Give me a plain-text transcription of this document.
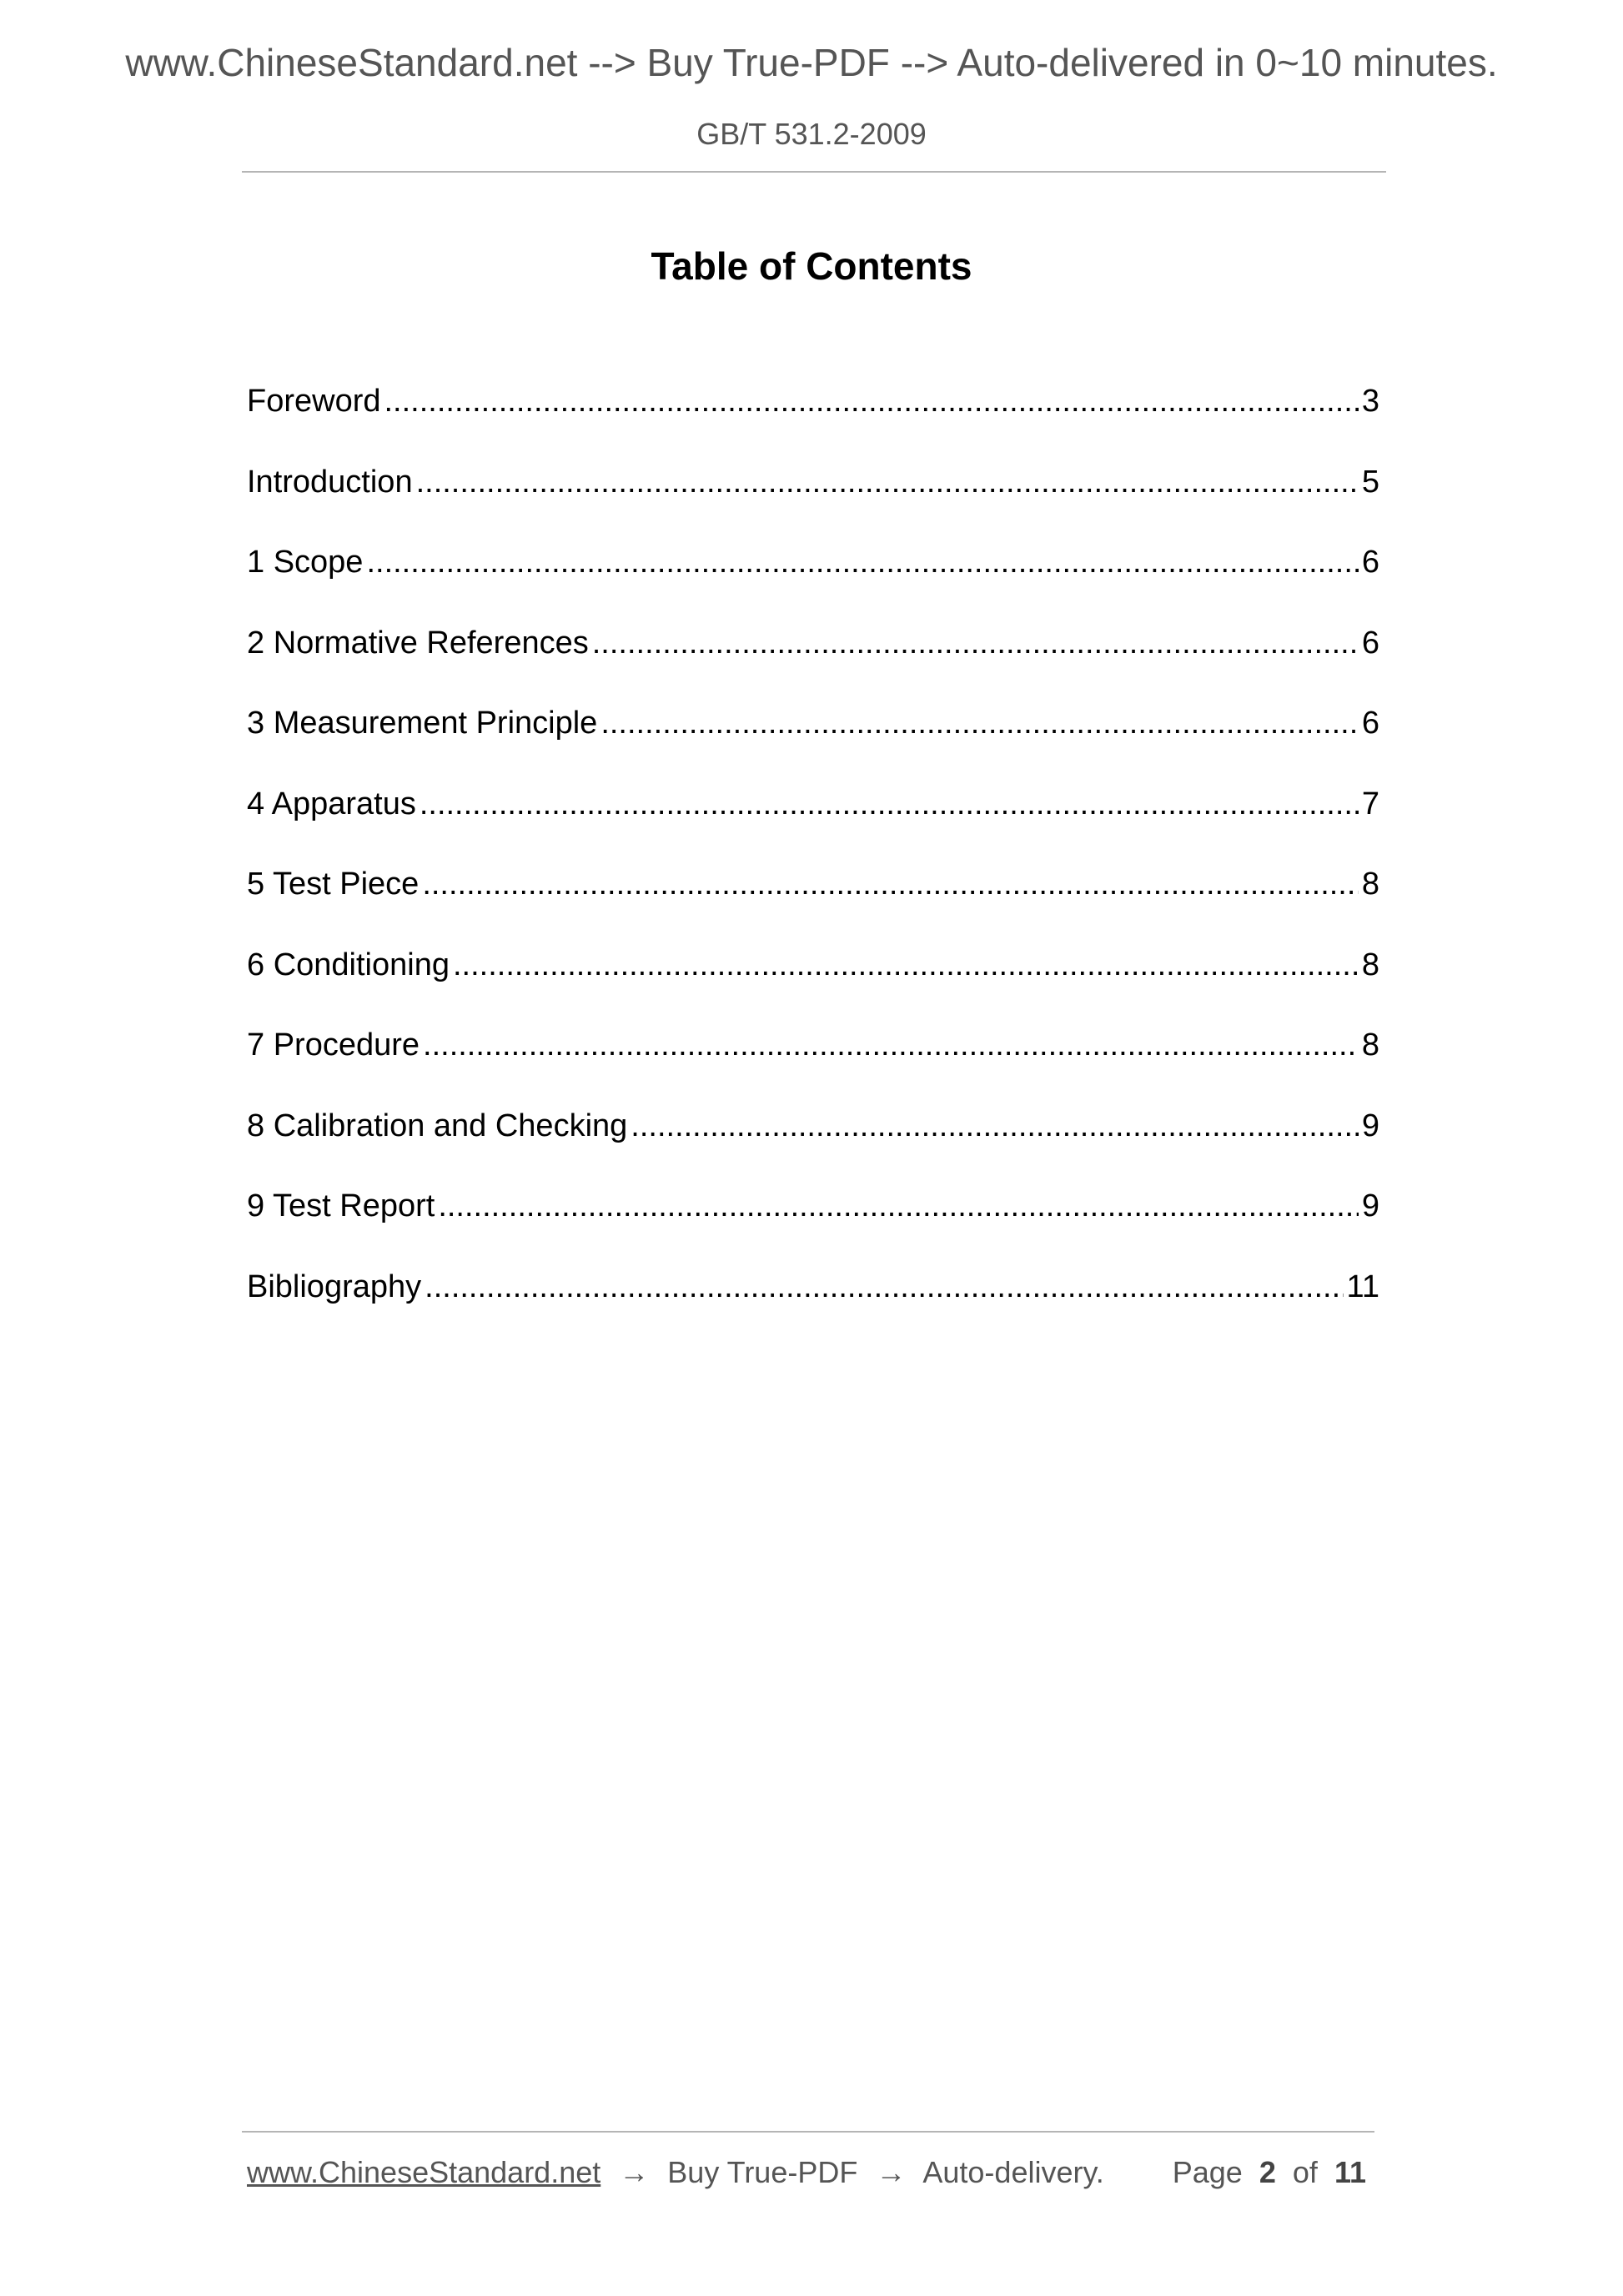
www.ChineseStandard.net --> Buy True-PDF --> Auto-delivered in 0~10 minutes.
GB/T 531.2-2009
Table of Contents
Foreword .....	3
Introduction .....	5
1 Scope .....	6
2 Normative References .....	6
3 Measurement Principle .....	6
4 Apparatus .....	7
5 Test Piece .....	8
6 Conditioning .....	8
7 Procedure .....	8
8 Calibration and Checking .....	9
9 Test Report .....	9
Bibliography .....	11
www.ChineseStandard.net → Buy True-PDF → Auto-delivery. Page 2 of 11
